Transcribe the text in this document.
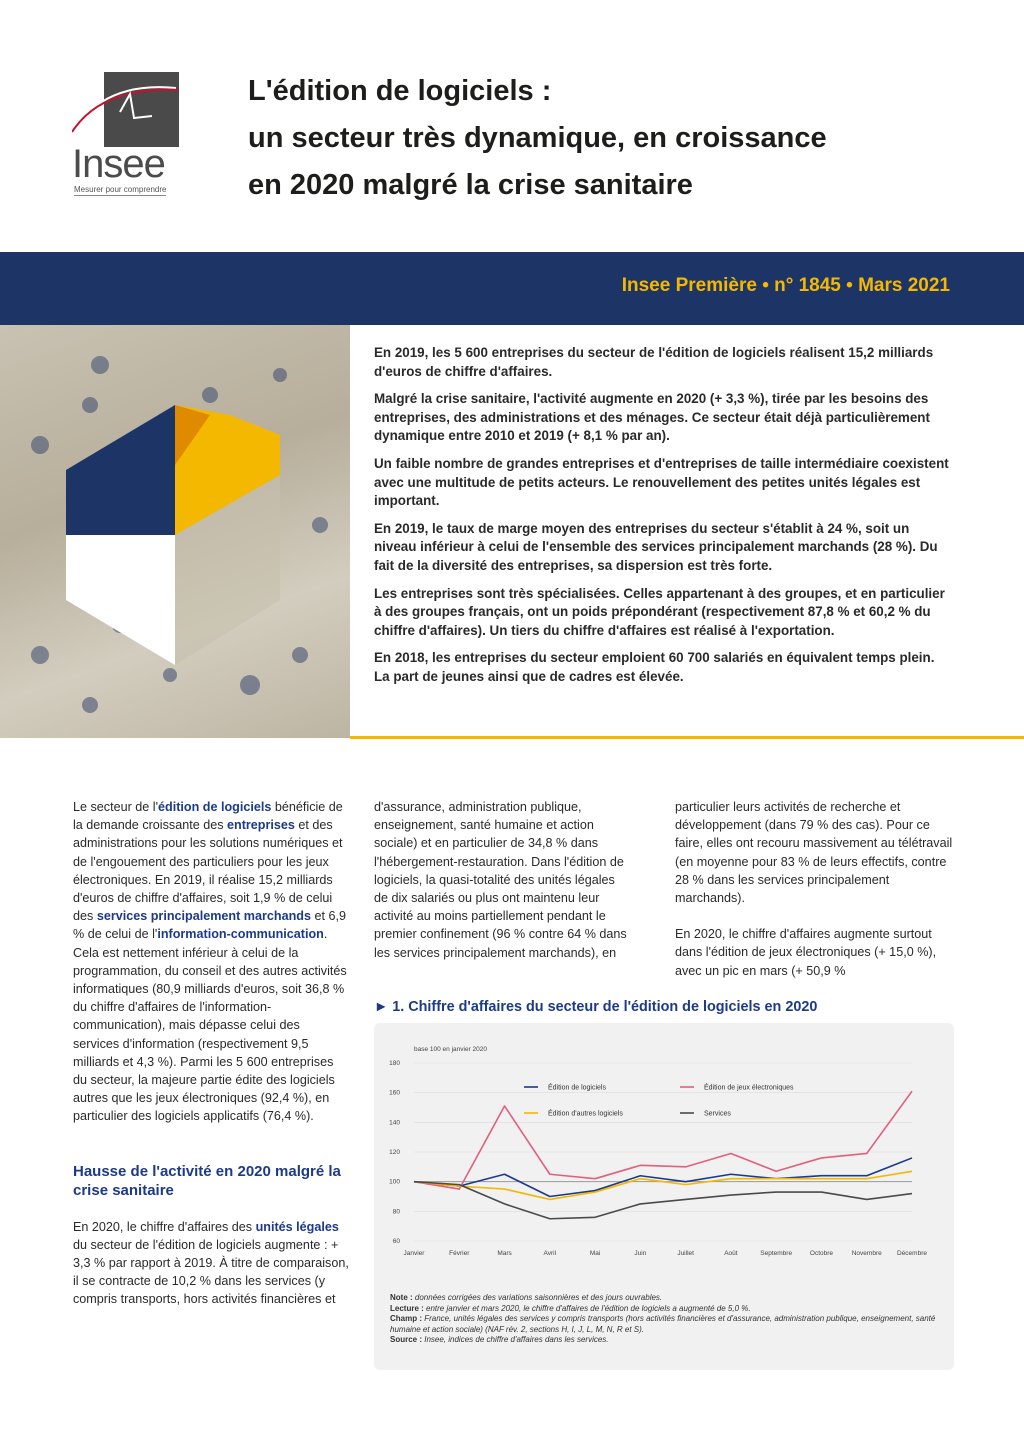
Insee
Mesurer pour comprendre
L'édition de logiciels :
un secteur très dynamique, en croissance
en 2020 malgré la crise sanitaire
Insee Première • n° 1845 • Mars 2021

En 2019, les 5 600 entreprises du secteur de l'édition de logiciels réalisent 15,2 milliards d'euros de chiffre d'affaires.

Malgré la crise sanitaire, l'activité augmente en 2020 (+ 3,3 %), tirée par les besoins des entreprises, des administrations et des ménages. Ce secteur était déjà particulièrement dynamique entre 2010 et 2019 (+ 8,1 % par an).

Un faible nombre de grandes entreprises et d'entreprises de taille intermédiaire coexistent avec une multitude de petits acteurs. Le renouvellement des petites unités légales est important.

En 2019, le taux de marge moyen des entreprises du secteur s'établit à 24 %, soit un niveau inférieur à celui de l'ensemble des services principalement marchands (28 %). Du fait de la diversité des entreprises, sa dispersion est très forte.

Les entreprises sont très spécialisées. Celles appartenant à des groupes, et en particulier à des groupes français, ont un poids prépondérant (respectivement 87,8 % et 60,2 % du chiffre d'affaires). Un tiers du chiffre d'affaires est réalisé à l'exportation.

En 2018, les entreprises du secteur emploient 60 700 salariés en équivalent temps plein. La part de jeunes ainsi que de cadres est élevée.

Le secteur de l'édition de logiciels bénéficie de la demande croissante des entreprises et des administrations pour les solutions numériques et de l'engouement des particuliers pour les jeux électroniques. En 2019, il réalise 15,2 milliards d'euros de chiffre d'affaires, soit 1,9 % de celui des services principalement marchands et 6,9 % de celui de l'information-communication. Cela est nettement inférieur à celui de la programmation, du conseil et des autres activités informatiques (80,9 milliards d'euros, soit 36,8 % du chiffre d'affaires de l'information-communication), mais dépasse celui des services d'information (respectivement 9,5 milliards et 4,3 %). Parmi les 5 600 entreprises du secteur, la majeure partie édite des logiciels autres que les jeux électroniques (92,4 %), en particulier des logiciels applicatifs (76,4 %).

Hausse de l'activité en 2020 malgré la crise sanitaire

En 2020, le chiffre d'affaires des unités légales du secteur de l'édition de logiciels augmente : + 3,3 % par rapport à 2019. À titre de comparaison, il se contracte de 10,2 % dans les services (y compris transports, hors activités financières et

d'assurance, administration publique, enseignement, santé humaine et action sociale) et en particulier de 34,8 % dans l'hébergement-restauration. Dans l'édition de logiciels, la quasi-totalité des unités légales de dix salariés ou plus ont maintenu leur activité au moins partiellement pendant le premier confinement (96 % contre 64 % dans les services principalement marchands), en

particulier leurs activités de recherche et développement (dans 79 % des cas). Pour ce faire, elles ont recouru massivement au télétravail (en moyenne pour 83 % de leurs effectifs, contre 28 % dans les services principalement marchands).

En 2020, le chiffre d'affaires augmente surtout dans l'édition de jeux électroniques (+ 15,0 %), avec un pic en mars (+ 50,9 %

► 1. Chiffre d'affaires du secteur de l'édition de logiciels en 2020
base 100 en janvier 2020
60
80
100
120
140
160
180
Janvier	Février	Mars	Avril	Mai	Juin	Juillet	Août	Septembre	Octobre	Novembre Décembre
Édition de logiciels	Édition de jeux électroniques
Édition d'autres logiciels	Services
Note : données corrigées des variations saisonnières et des jours ouvrables.
Lecture : entre janvier et mars 2020, le chiffre d'affaires de l'édition de logiciels a augmenté de 5,0 %.
Champ : France, unités légales des services y compris transports (hors activités financières et d'assurance, administration publique, enseignement, santé humaine et action sociale) (NAF rév. 2, sections H, I, J, L, M, N, R et S).
Source : Insee, indices de chiffre d'affaires dans les services.
